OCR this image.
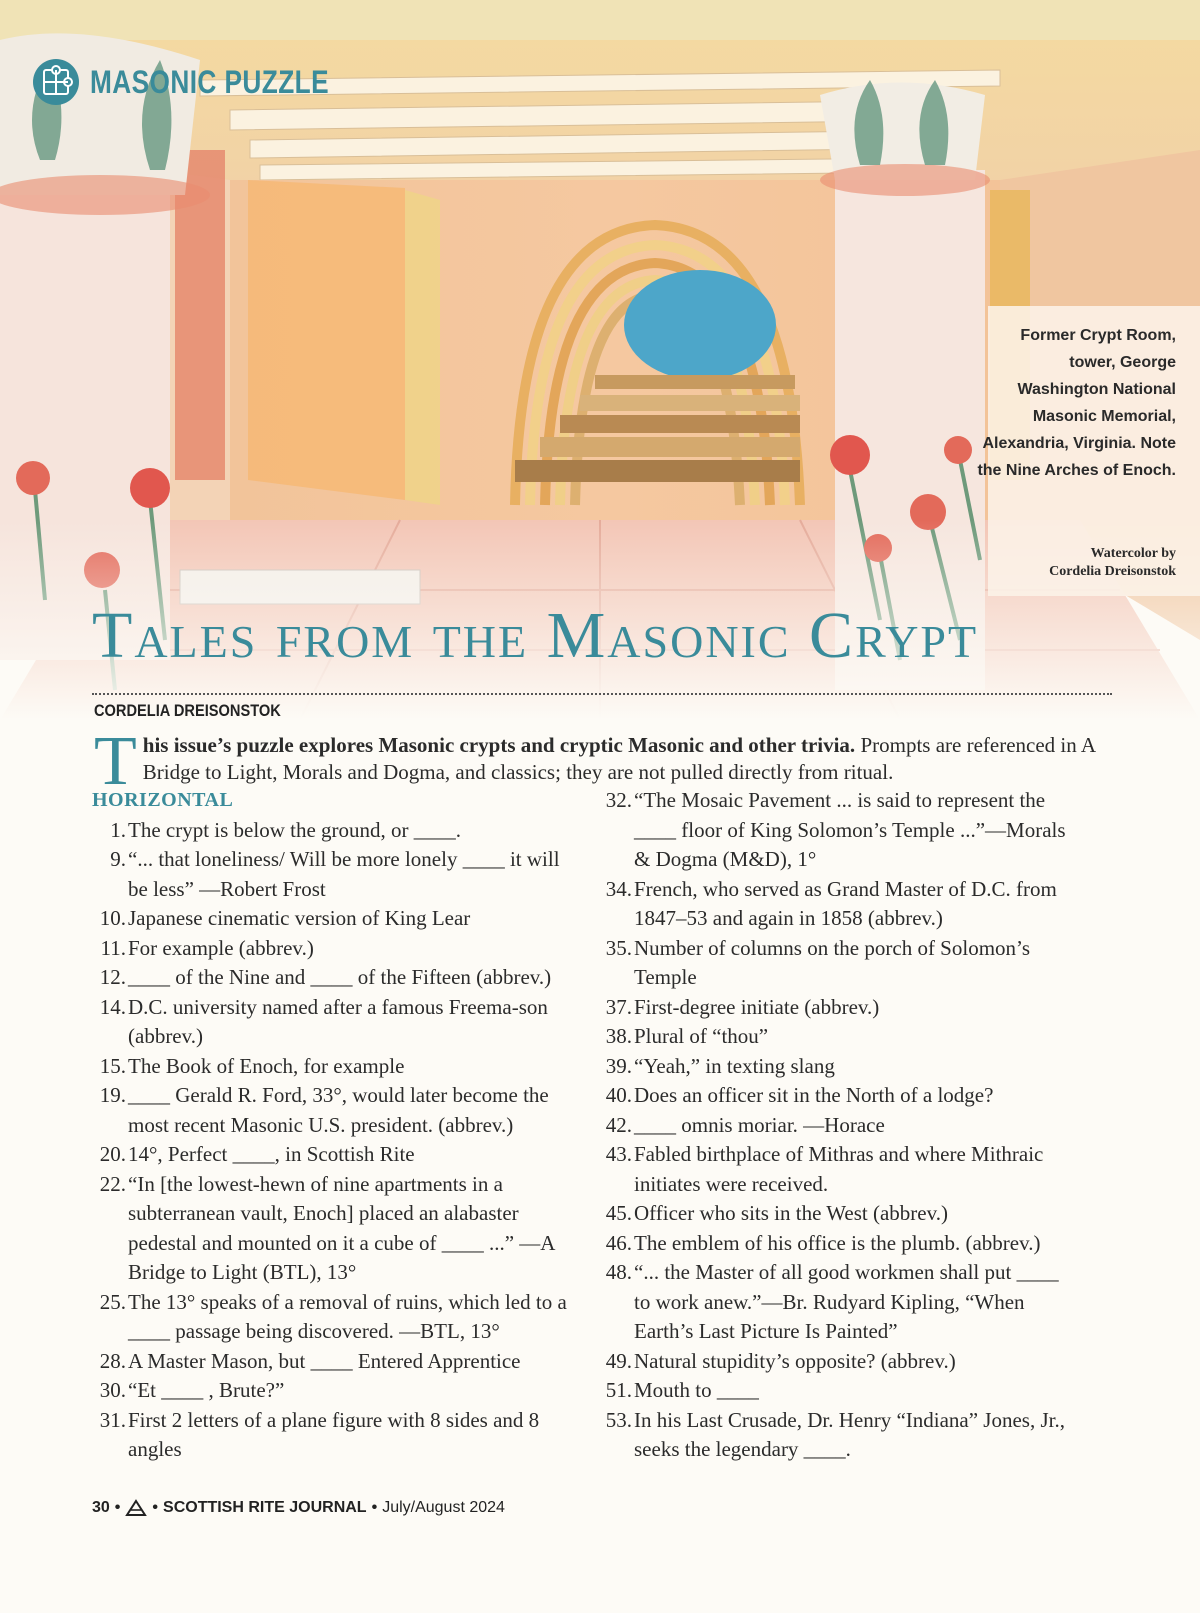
MASONIC PUZZLE
Former Crypt Room, tower, George Washington National Masonic Memorial, Alexandria, Virginia. Note the Nine Arches of Enoch.
Watercolor by
Cordelia Dreisonstok
Tales from the Masonic Crypt
CORDELIA DREISONSTOK
T his issue’s puzzle explores Masonic crypts and cryptic Masonic and other trivia. Prompts are referenced in A Bridge to Light, Morals and Dogma, and classics; they are not pulled directly from ritual.
HORIZONTAL
1. The crypt is below the ground, or ____.
9. “... that loneliness/ Will be more lonely ____ it will be less” —Robert Frost
10. Japanese cinematic version of King Lear
11. For example (abbrev.)
12. ____ of the Nine and ____ of the Fifteen (abbrev.)
14. D.C. university named after a famous Freema-son (abbrev.)
15. The Book of Enoch, for example
19. ____ Gerald R. Ford, 33°, would later become the most recent Masonic U.S. president. (abbrev.)
20. 14°, Perfect ____, in Scottish Rite
22. “In [the lowest-hewn of nine apartments in a subterranean vault, Enoch] placed an alabaster pedestal and mounted on it a cube of ____ ...” —A Bridge to Light (BTL), 13°
25. The 13° speaks of a removal of ruins, which led to a ____ passage being discovered. —BTL, 13°
28. A Master Mason, but ____ Entered Apprentice
30. “Et ____ , Brute?”
31. First 2 letters of a plane figure with 8 sides and 8 angles
32. “The Mosaic Pavement ... is said to represent the ____ floor of King Solomon’s Temple ...”—Morals & Dogma (M&D), 1°
34. French, who served as Grand Master of D.C. from 1847–53 and again in 1858 (abbrev.)
35. Number of columns on the porch of Solomon’s Temple
37. First-degree initiate (abbrev.)
38. Plural of “thou”
39. “Yeah,” in texting slang
40. Does an officer sit in the North of a lodge?
42. ____ omnis moriar. —Horace
43. Fabled birthplace of Mithras and where Mithraic initiates were received.
45. Officer who sits in the West (abbrev.)
46. The emblem of his office is the plumb. (abbrev.)
48. “... the Master of all good workmen shall put ____ to work anew.”—Br. Rudyard Kipling, “When Earth’s Last Picture Is Painted”
49. Natural stupidity’s opposite? (abbrev.)
51. Mouth to ____
53. In his Last Crusade, Dr. Henry “Indiana” Jones, Jr., seeks the legendary ____.
30 • • SCOTTISH RITE JOURNAL • July/August 2024
